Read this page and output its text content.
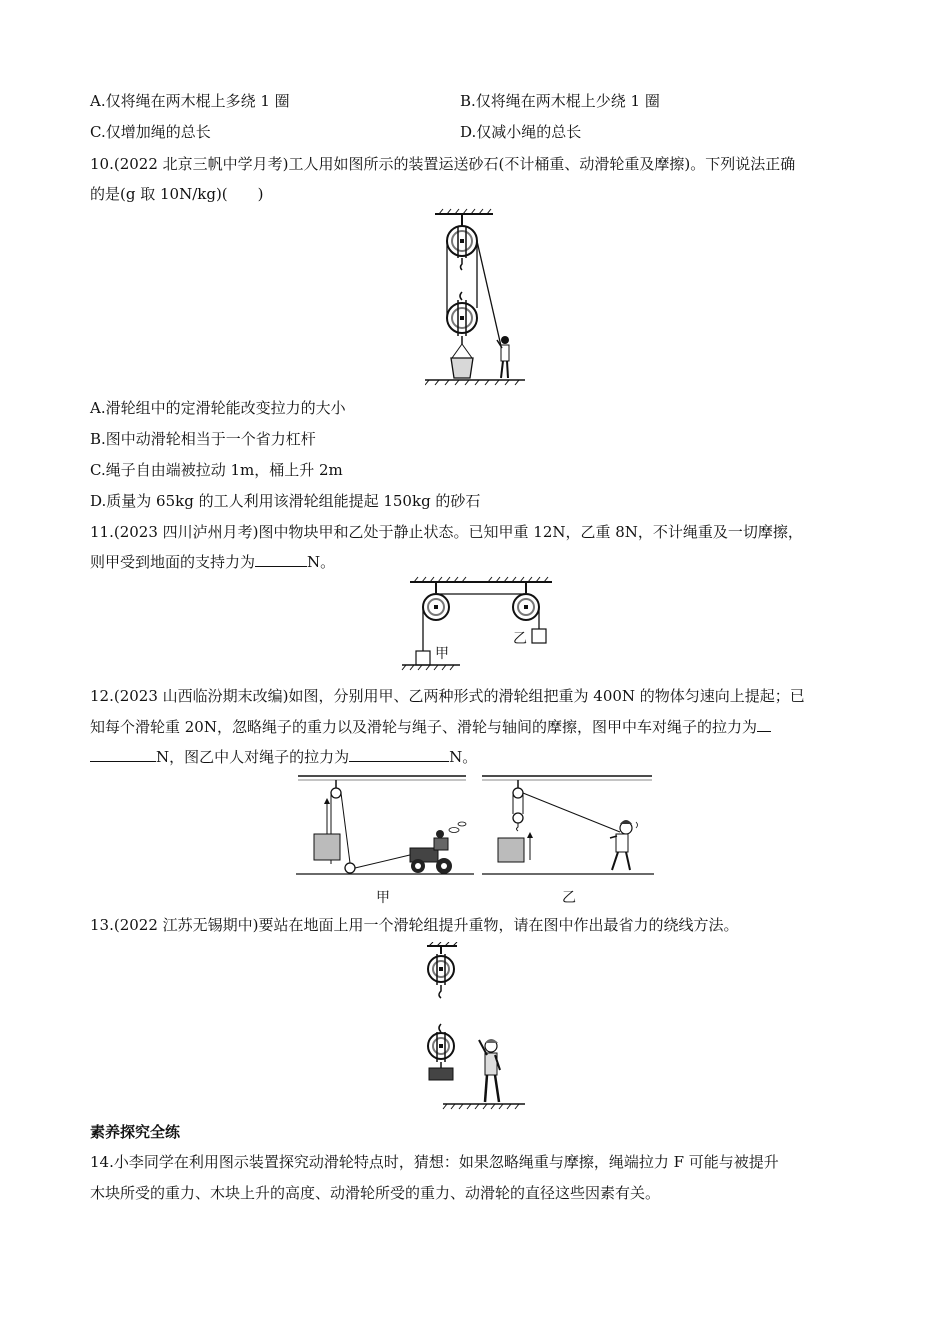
A.仅将绳在两木棍上多绕 1 圈	B.仅将绳在两木棍上少绕 1 圈
C.仅增加绳的总长	D.仅减小绳的总长
10.(2022 北京三帆中学月考)工人用如图所示的装置运送砂石(不计桶重、动滑轮重及摩擦)。下列说法正确
的是(g 取 10N/kg)(　　)
A.滑轮组中的定滑轮能改变拉力的大小
B.图中动滑轮相当于一个省力杠杆
C.绳子自由端被拉动 1m，桶上升 2m
D.质量为 65kg 的工人利用该滑轮组能提起 150kg 的砂石
11.(2023 四川泸州月考)图中物块甲和乙处于静止状态。已知甲重 12N，乙重 8N，不计绳重及一切摩擦，
则甲受到地面的支持力为	N。
甲
乙
12.(2023 山西临汾期末改编)如图，分别用甲、乙两种形式的滑轮组把重为 400N 的物体匀速向上提起；已
知每个滑轮重 20N，忽略绳子的重力以及滑轮与绳子、滑轮与轴间的摩擦，图甲中车对绳子的拉力为
N，图乙中人对绳子的拉力为	N。
甲	乙
13.(2022 江苏无锡期中)要站在地面上用一个滑轮组提升重物，请在图中作出最省力的绕线方法。
素养探究全练
14.小李同学在利用图示装置探究动滑轮特点时，猜想：如果忽略绳重与摩擦，绳端拉力 F 可能与被提升
木块所受的重力、木块上升的高度、动滑轮所受的重力、动滑轮的直径这些因素有关。
